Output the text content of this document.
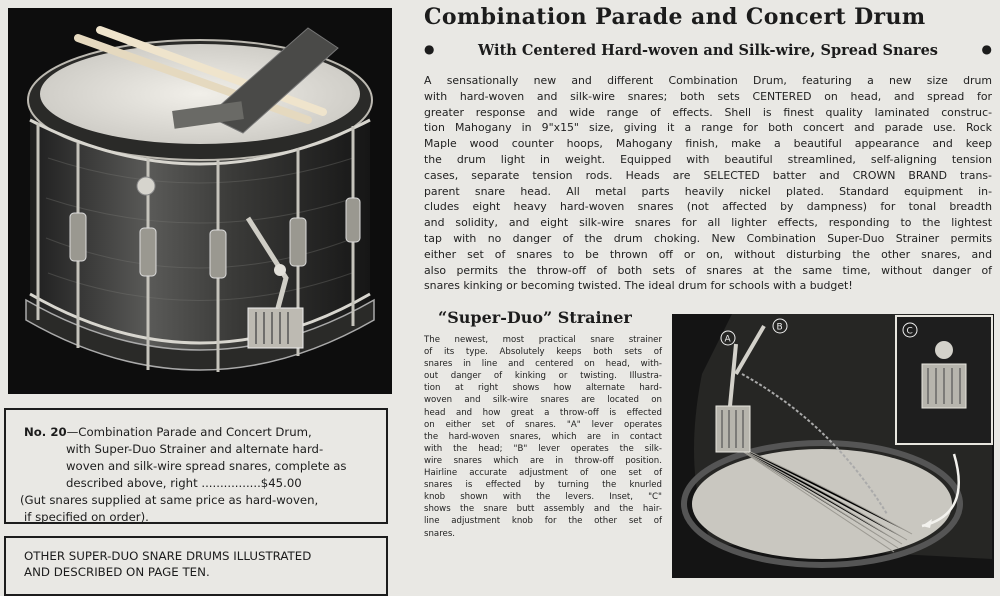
No. 20—Combination Parade and Concert Drum,
with Super-Duo Strainer and alternate hard-
woven and silk-wire spread snares, complete as
described above, right ................$45.00
(Gut snares supplied at same price as hard-woven,
if specified on order).
OTHER SUPER-DUO SNARE DRUMS ILLUSTRATED
AND DESCRIBED ON PAGE TEN.
Combination Parade and Concert Drum
●	With Centered Hard-woven and Silk-wire, Spread Snares	●
A sensationally new and different Combination Drum, featuring a new size drum
with hard-woven and silk-wire snares; both sets CENTERED on head, and spread for
greater response and wide range of effects. Shell is finest quality laminated construc-
tion Mahogany in 9"x15" size, giving it a range for both concert and parade use. Rock
Maple wood counter hoops, Mahogany finish, make a beautiful appearance and keep
the drum light in weight. Equipped with beautiful streamlined, self-aligning tension
cases, separate tension rods. Heads are SELECTED batter and CROWN BRAND trans-
parent snare head. All metal parts heavily nickel plated. Standard equipment in-
cludes eight heavy hard-woven snares (not affected by dampness) for tonal breadth
and solidity, and eight silk-wire snares for all lighter effects, responding to the lightest
tap with no danger of the drum choking. New Combination Super-Duo Strainer permits
either set of snares to be thrown off or on, without disturbing the other snares, and
also permits the throw-off of both sets of snares at the same time, without danger of
snares kinking or becoming twisted. The ideal drum for schools with a budget!
“Super-Duo” Strainer
The newest, most practical snare strainer
of its type. Absolutely keeps both sets of
snares in line and centered on head, with-
out danger of kinking or twisting. Illustra-
tion at right shows how alternate hard-
woven and silk-wire snares are located on
head and how great a throw-off is effected
on either set of snares. "A" lever operates
the hard-woven snares, which are in contact
with the head; "B" lever operates the silk-
wire snares which are in throw-off position.
Hairline accurate adjustment of one set of
snares is effected by turning the knurled
knob shown with the levers. Inset, "C"
shows the snare butt assembly and the hair-
line adjustment knob for the other set of
snares.
A
B	C
